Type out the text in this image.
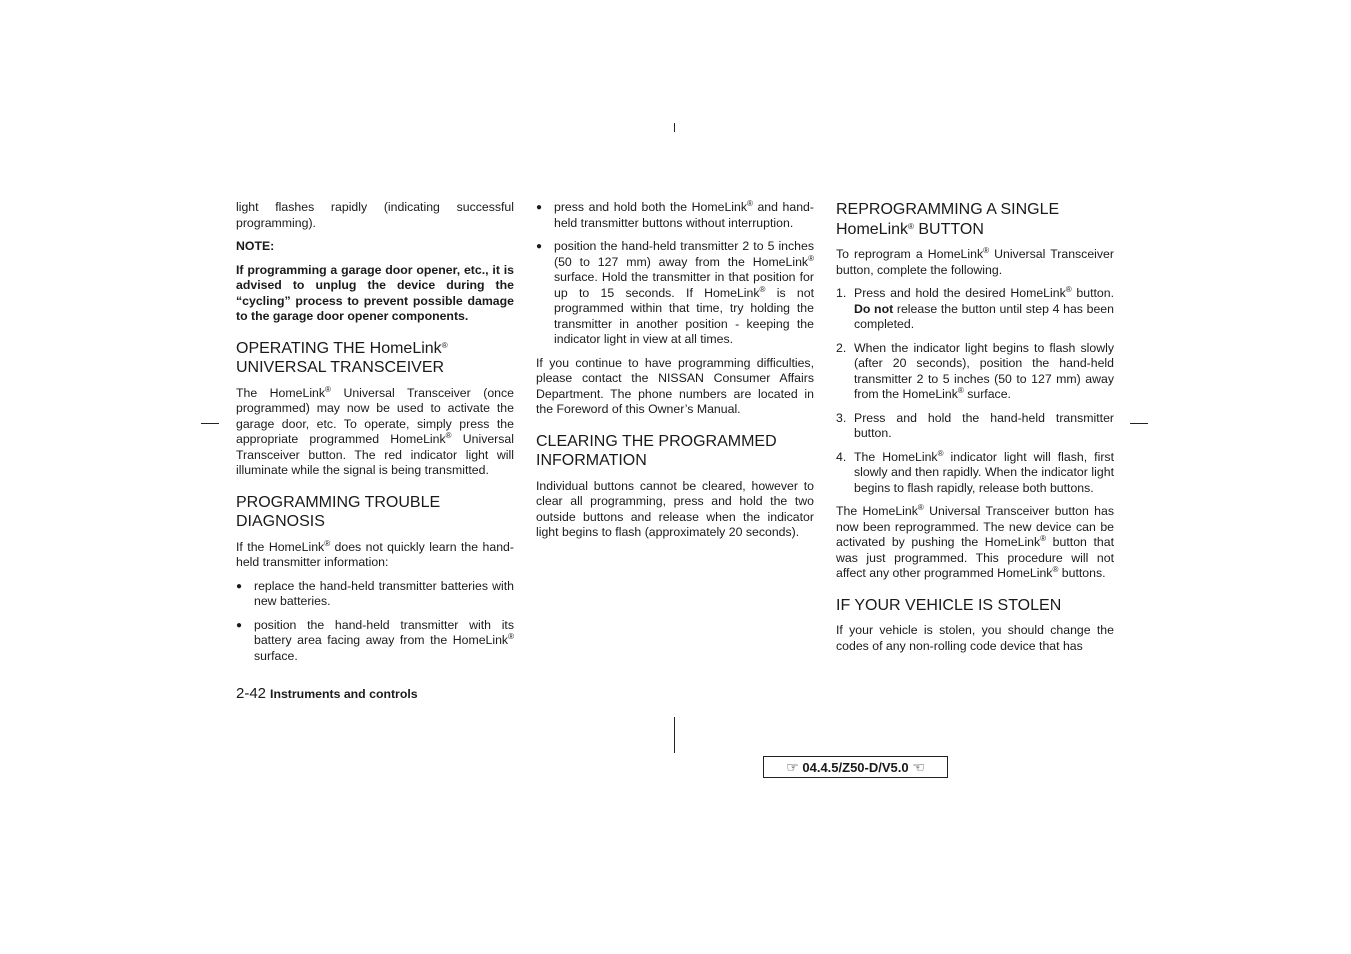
light flashes rapidly (indicating successful programming).

NOTE:

If programming a garage door opener, etc., it is advised to unplug the device during the “cycling” process to prevent possible damage to the garage door opener components.

OPERATING THE HomeLink®
UNIVERSAL TRANSCEIVER

The HomeLink® Universal Transceiver (once programmed) may now be used to activate the garage door, etc. To operate, simply press the appropriate programmed HomeLink® Universal Transceiver button. The red indicator light will illuminate while the signal is being transmitted.

PROGRAMMING TROUBLE DIAGNOSIS

If the HomeLink® does not quickly learn the hand-held transmitter information:

● replace the hand-held transmitter batteries with new batteries.
● position the hand-held transmitter with its battery area facing away from the HomeLink® surface.
● press and hold both the HomeLink® and hand-held transmitter buttons without interruption.
● position the hand-held transmitter 2 to 5 inches (50 to 127 mm) away from the HomeLink® surface. Hold the transmitter in that position for up to 15 seconds. If HomeLink® is not programmed within that time, try holding the transmitter in another position - keeping the indicator light in view at all times.

If you continue to have programming difficulties, please contact the NISSAN Consumer Affairs Department. The phone numbers are located in the Foreword of this Owner’s Manual.

CLEARING THE PROGRAMMED INFORMATION

Individual buttons cannot be cleared, however to clear all programming, press and hold the two outside buttons and release when the indicator light begins to flash (approximately 20 seconds).

REPROGRAMMING A SINGLE
HomeLink® BUTTON

To reprogram a HomeLink® Universal Transceiver button, complete the following.

1. Press and hold the desired HomeLink® button. Do not release the button until step 4 has been completed.
2. When the indicator light begins to flash slowly (after 20 seconds), position the hand-held transmitter 2 to 5 inches (50 to 127 mm) away from the HomeLink® surface.
3. Press and hold the hand-held transmitter button.
4. The HomeLink® indicator light will flash, first slowly and then rapidly. When the indicator light begins to flash rapidly, release both buttons.

The HomeLink® Universal Transceiver button has now been reprogrammed. The new device can be activated by pushing the HomeLink® button that was just programmed. This procedure will not affect any other programmed HomeLink® buttons.

IF YOUR VEHICLE IS STOLEN

If your vehicle is stolen, you should change the codes of any non-rolling code device that has

2-42 Instruments and controls
☞ 04.4.5/Z50-D/V5.0 ☜
